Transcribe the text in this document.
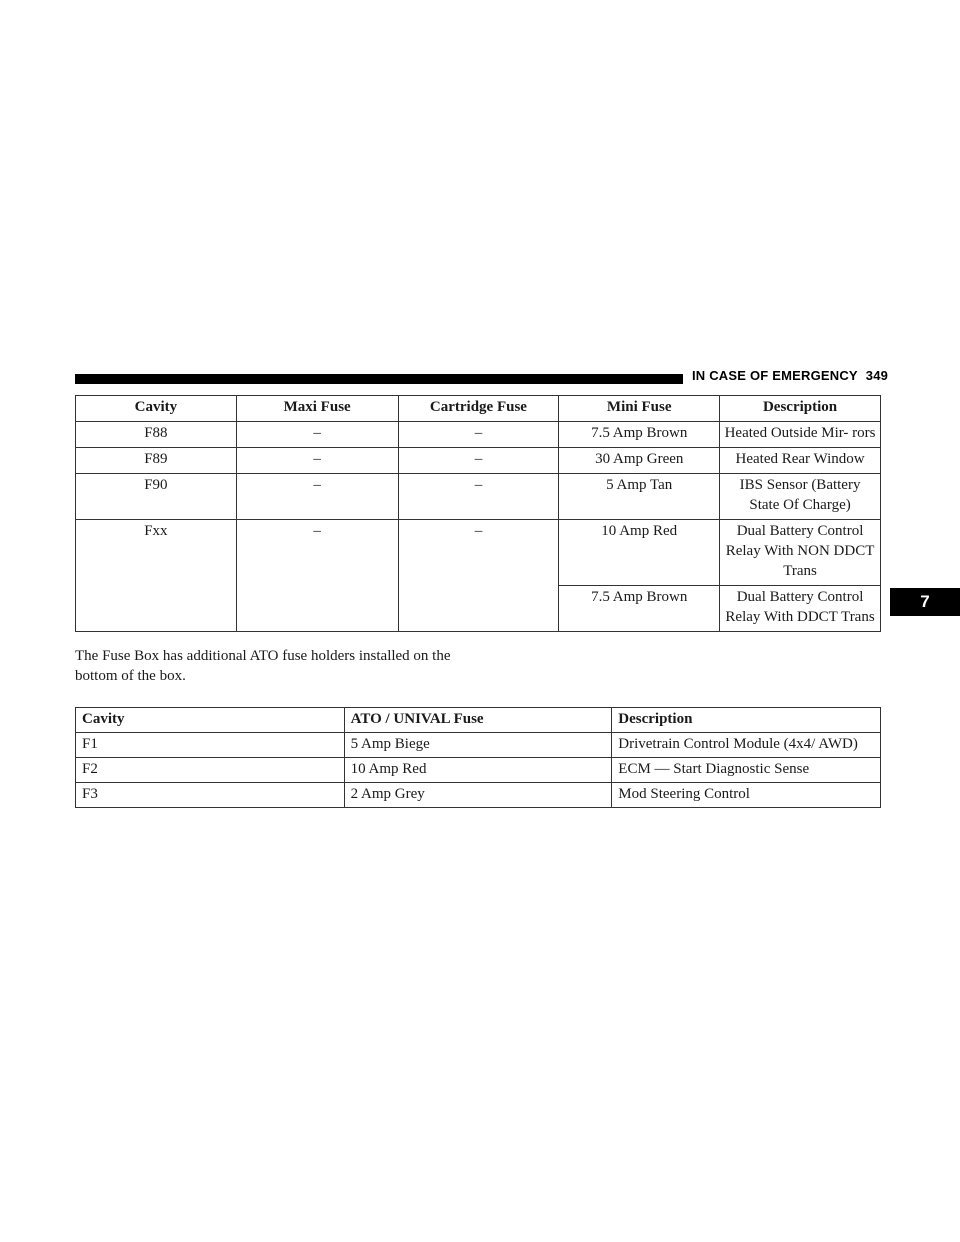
IN CASE OF EMERGENCY 349
7
Cavity	Maxi Fuse	Cartridge Fuse	Mini Fuse	Description
F88	–	–	7.5 Amp Brown	Heated Outside Mir- rors
F89	–	–	30 Amp Green	Heated Rear Window
F90	–	–	5 Amp Tan	IBS Sensor (Battery State Of Charge)
Fxx	–	–	10 Amp Red	Dual Battery Control Relay With NON DDCT Trans
			7.5 Amp Brown	Dual Battery Control Relay With DDCT Trans
The Fuse Box has additional ATO fuse holders installed on the bottom of the box.
Cavity	ATO / UNIVAL Fuse	Description
F1	5 Amp Biege	Drivetrain Control Module (4x4/ AWD)
F2	10 Amp Red	ECM — Start Diagnostic Sense
F3	2 Amp Grey	Mod Steering Control
